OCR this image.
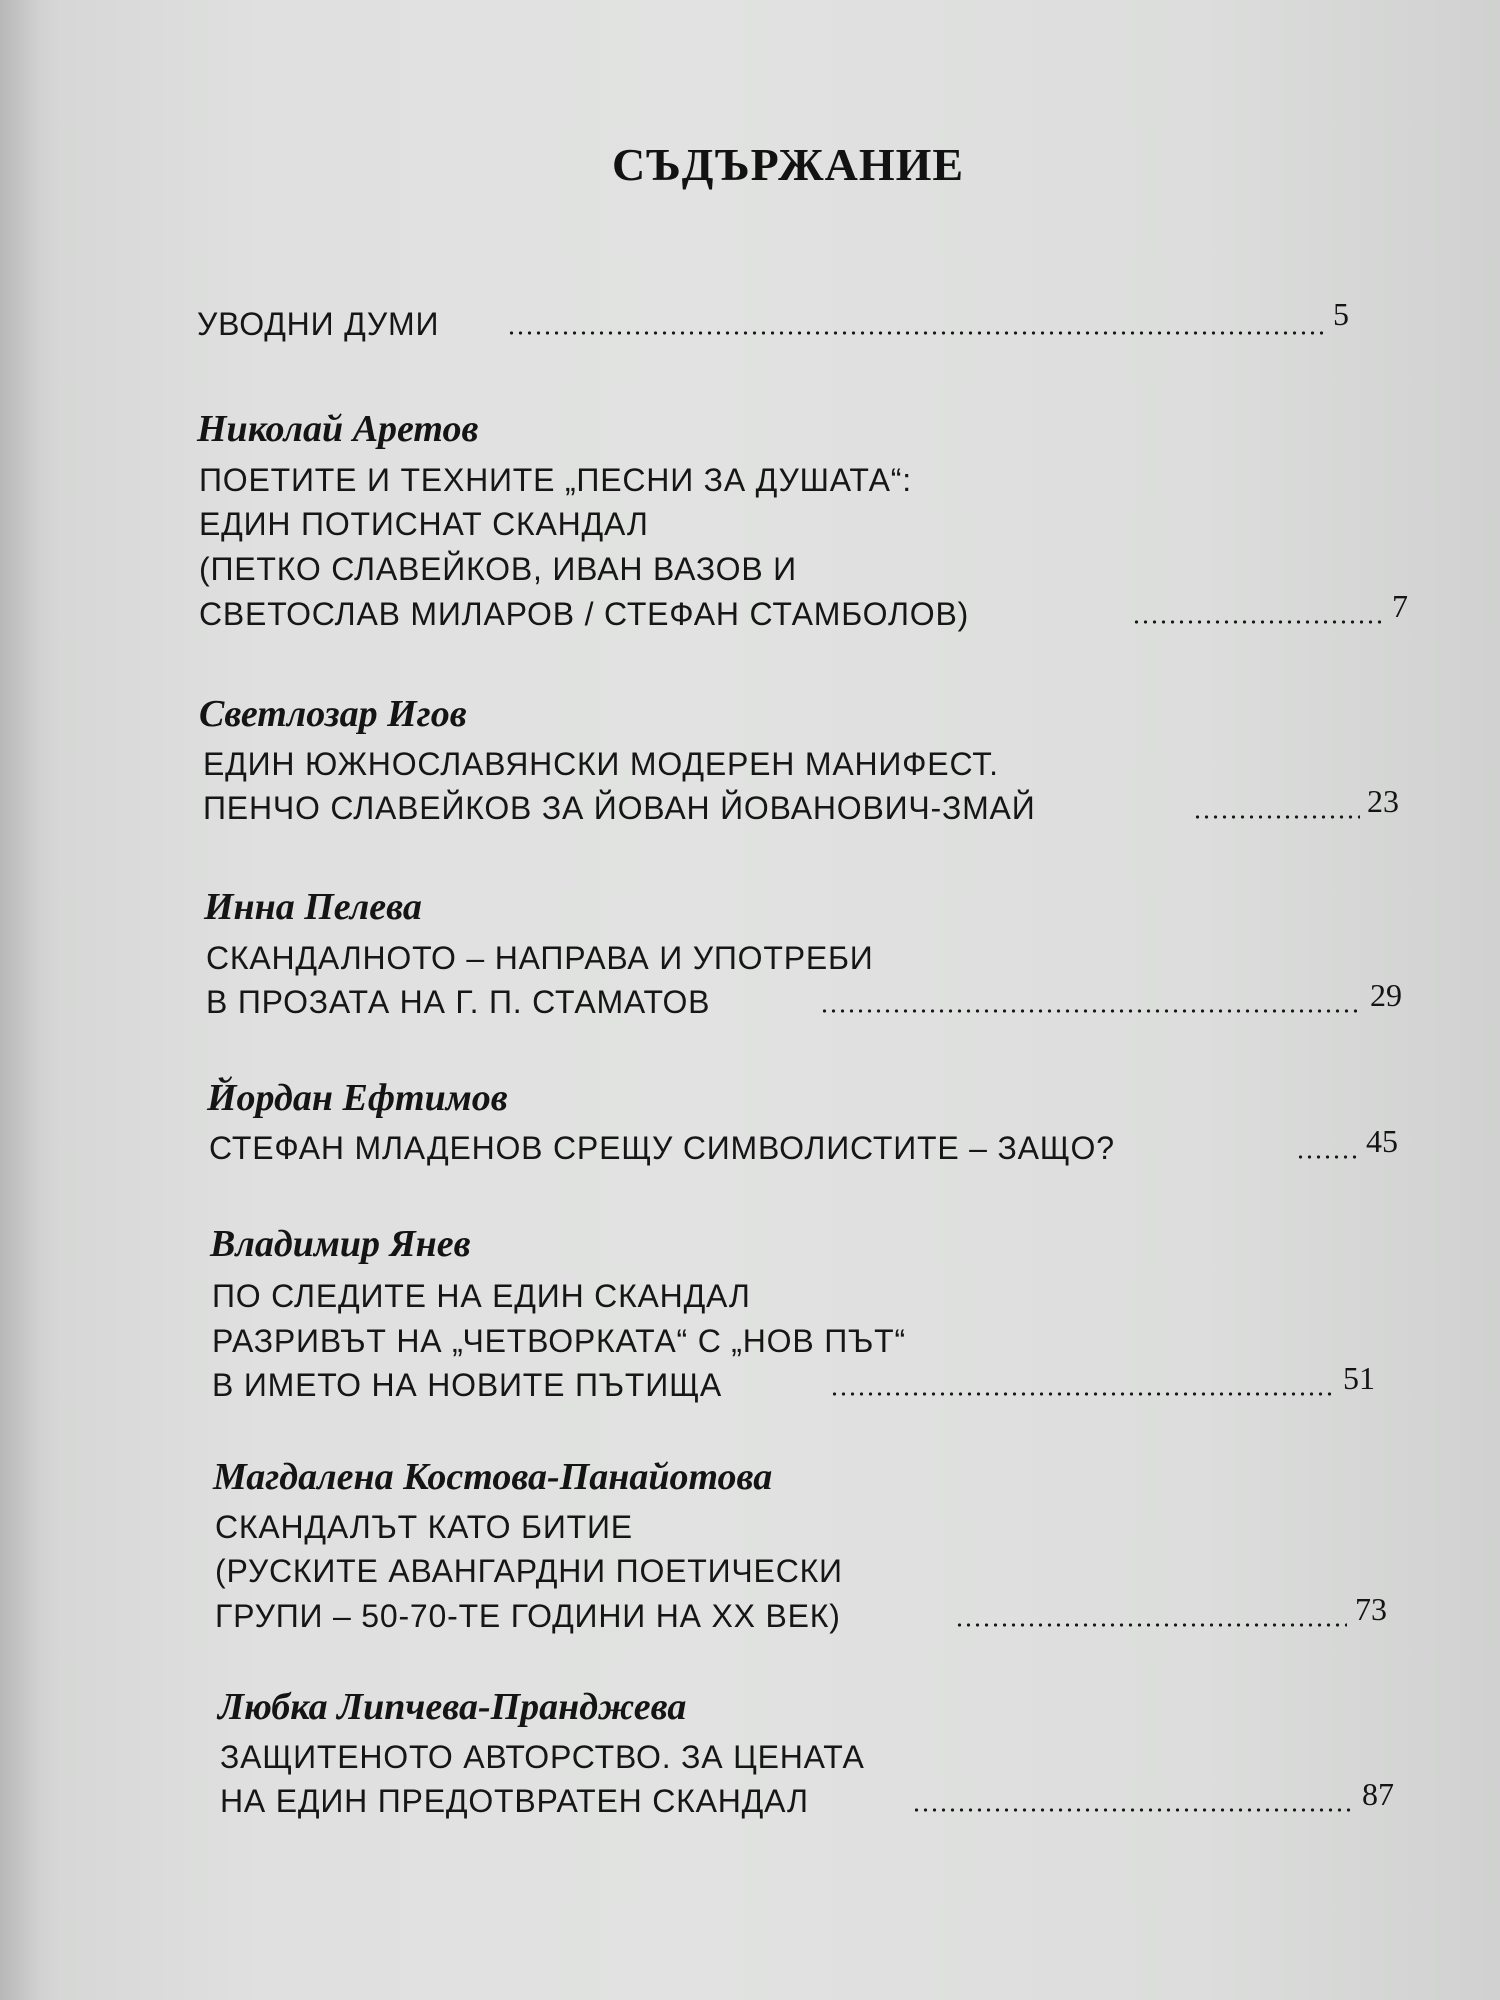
СЪДЪРЖАНИЕ
УВОДНИ ДУМИ	5
Николай Аретов
ПОЕТИТЕ И ТЕХНИТЕ „ПЕСНИ ЗА ДУШАТА“:
ЕДИН ПОТИСНАТ СКАНДАЛ
(ПЕТКО СЛАВЕЙКОВ, ИВАН ВАЗОВ И
СВЕТОСЛАВ МИЛАРОВ / СТЕФАН СТАМБОЛОВ)	7
Светлозар Игов
ЕДИН ЮЖНОСЛАВЯНСКИ МОДЕРЕН МАНИФЕСТ.
ПЕНЧО СЛАВЕЙКОВ ЗА ЙОВАН ЙОВАНОВИЧ-ЗМАЙ	23
Инна Пелева
СКАНДАЛНОТО – НАПРАВА И УПОТРЕБИ
В ПРОЗАТА НА Г. П. СТАМАТОВ	29
Йордан Ефтимов
СТЕФАН МЛАДЕНОВ СРЕЩУ СИМВОЛИСТИТЕ – ЗАЩО?	45
Владимир Янев
ПО СЛЕДИТЕ НА ЕДИН СКАНДАЛ
РАЗРИВЪТ НА „ЧЕТВОРКАТА“ С „НОВ ПЪТ“
В ИМЕТО НА НОВИТЕ ПЪТИЩА	51
Магдалена Костова-Панайотова
СКАНДАЛЪТ КАТО БИТИЕ
(РУСКИТЕ АВАНГАРДНИ ПОЕТИЧЕСКИ
ГРУПИ – 50-70-ТЕ ГОДИНИ НА XX ВЕК)	73
Любка Липчева-Пранджева
ЗАЩИТЕНОТО АВТОРСТВО. ЗА ЦЕНАТА
НА ЕДИН ПРЕДОТВРАТЕН СКАНДАЛ	87
